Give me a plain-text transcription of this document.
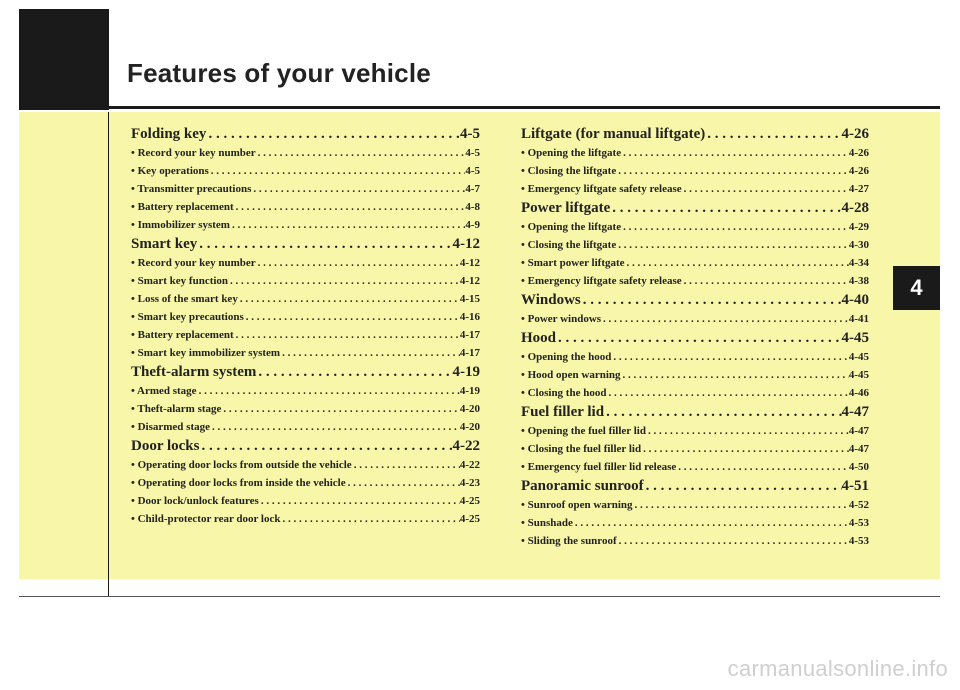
Features of your vehicle
4
Folding key . . .	4-5
• Record your key number . . .	4-5
• Key operations . . .	4-5
• Transmitter precautions . . .	4-7
• Battery replacement . . .	4-8
• Immobilizer system . . .	4-9
Smart key . . .	4-12
• Record your key number . . .	4-12
• Smart key function . . .	4-12
• Loss of the smart key . . .	4-15
• Smart key precautions . . .	4-16
• Battery replacement . . .	4-17
• Smart key immobilizer system . . .	4-17
Theft-alarm system . . .	4-19
• Armed stage . . .	4-19
• Theft-alarm stage . . .	4-20
• Disarmed stage . . .	4-20
Door locks . . .	4-22
• Operating door locks from outside the vehicle . . .	4-22
• Operating door locks from inside the vehicle . . .	4-23
• Door lock/unlock features . . .	4-25
• Child-protector rear door lock . . .	4-25
Liftgate (for manual liftgate) . . .	4-26
• Opening the liftgate . . .	4-26
• Closing the liftgate . . .	4-26
• Emergency liftgate safety release . . .	4-27
Power liftgate . . .	4-28
• Opening the liftgate . . .	4-29
• Closing the liftgate . . .	4-30
• Smart power liftgate . . .	4-34
• Emergency liftgate safety release . . .	4-38
Windows . . .	4-40
• Power windows . . .	4-41
Hood . . .	4-45
• Opening the hood . . .	4-45
• Hood open warning . . .	4-45
• Closing the hood . . .	4-46
Fuel filler lid . . .	4-47
• Opening the fuel filler lid . . .	4-47
• Closing the fuel filler lid . . .	4-47
• Emergency fuel filler lid release . . .	4-50
Panoramic sunroof . . .	4-51
• Sunroof open warning . . .	4-52
• Sunshade . . .	4-53
• Sliding the sunroof . . .	4-53
carmanualsonline.info
